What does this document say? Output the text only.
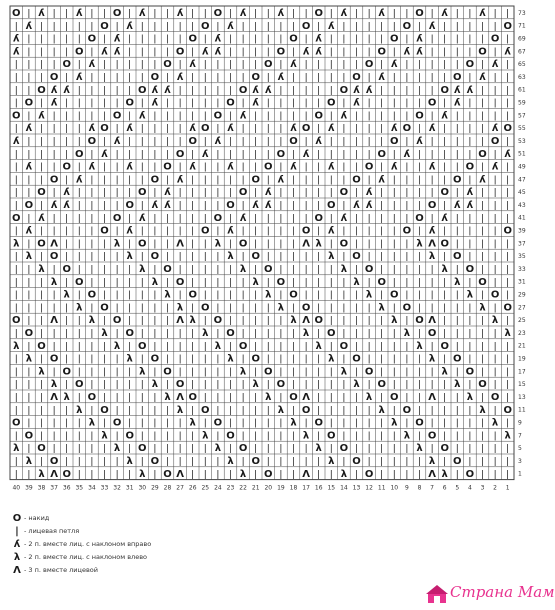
O | ʎ | | ʎ | | O | ʎ | | ʎ | | O | ʎ | | ʎ | | O | ʎ | | ʎ | | O | ʎ | | ʎ | |
| ʎ | | | | | O | ʎ | | | | | O | ʎ | | | | | O | ʎ | | | | | O | ʎ | | | | | O
ʎ | | | | | O | ʎ | | | | | O | ʎ | | | | | O | ʎ | | | | | O | ʎ | | | | | O |
ʎ | | | | O | ʎ ʎ | | | | O | ʎ ʎ | | | | O | ʎ ʎ | | | | O | ʎ ʎ | | | | O | ʎ
| | | | O | ʎ | | | | | O | ʎ | | | | | O | ʎ | | | | | O | ʎ | | | | | O | ʎ |
| | | O | ʎ | | | | | O | ʎ | | | | | O | ʎ | | | | | O | ʎ | | | | | O | ʎ | |
| | O ʎ ʎ | | | | | O ʎ ʎ | | | | | O ʎ ʎ | | | | | O ʎ ʎ | | | | | O ʎ ʎ | | |
| O | ʎ | | | | | O | ʎ | | | | | O | ʎ | | | | | O | ʎ | | | | | O | ʎ | | | |
O | ʎ | | | | | O | ʎ | | | | | O | ʎ | | | | | O | ʎ | | | | | O | ʎ | | | | |
| ʎ | | | | ʎ O | ʎ | | | | ʎ O | ʎ | | | | ʎ O | ʎ | | | | ʎ O | ʎ | | | | ʎ O
ʎ | | | | | O | ʎ | | | | | O | ʎ | | | | | O | ʎ | | | | | O | ʎ | | | | | O |
| | | | | O | ʎ | | | | | O | ʎ | | | | | O | ʎ | | | | | O | ʎ | | | | | O | ʎ
| ʎ | | O | ʎ | | ʎ | | O | ʎ | | ʎ | | O | ʎ | | ʎ | | O | ʎ | | ʎ | | O | ʎ |
| | | O | ʎ | | | | | O | ʎ | | | | | O | ʎ | | | | | O | ʎ | | | | | O | ʎ | |
| | O | ʎ | | | | | O | ʎ | | | | | O | ʎ | | | | | O | ʎ | | | | | O | ʎ | | |
| O | ʎ ʎ | | | | O | ʎ ʎ | | | | O | ʎ ʎ | | | | O | ʎ ʎ | | | | O | ʎ ʎ | | |
O | ʎ | | | | | O | ʎ | | | | | O | ʎ | | | | | O | ʎ | | | | | O | ʎ | | | | |
| ʎ | | | | | O | ʎ | | | | | O | ʎ | | | | | O | ʎ | | | | | O | ʎ | | | | | O
λ | O Λ | | | | λ | O | | Λ | | λ | O | | | | Λ λ | O | | | | | λ Λ O | | | | |
| λ | O | | | | | λ | O | | | | | λ | O | | | | | λ | O | | | | | λ | O | | | |
| | λ | O | | | | | λ | O | | | | | λ | O | | | | | λ | O | | | | | λ | O | | |
| | | λ | O | | | | | λ | O | | | | | λ | O | | | | | λ | O | | | | | λ | O | |
| | | | λ | O | | | | | λ | O | | | | | λ | O | | | | | λ | O | | | | | λ | O |
| | | | | λ | O | | | | | λ | O | | | | | λ | O | | | | | λ | O | | | | | λ | O
O | | Λ | | λ | O | | | | Λ λ | O | | | | | λ Λ O | | | | | λ | O Λ | | | | λ |
| O | | | | | λ | O | | | | | λ | O | | | | | λ | O | | | | | λ | O | | | | | λ
λ | O | | | | | λ | O | | | | | λ | O | | | | | λ | O | | | | | λ | O | | | | |
| λ | O | | | | | λ | O | | | | | λ | O | | | | | λ | O | | | | | λ | O | | | |
| | λ | O | | | | | λ | O | | | | | λ | O | | | | | λ | O | | | | | λ | O | | |
| | | λ | O | | | | | λ | O | | | | | λ | O | | | | | λ | O | | | | | λ | O | |
| | | Λ λ | O | | | | | λ Λ O | | | | | λ | O Λ | | | | λ | O | | Λ | | λ | O |
| | | | | λ | O | | | | | λ | O | | | | | λ | O | | | | | λ | O | | | | | λ | O
O | | | | | λ | O | | | | | λ | O | | | | | λ | O | | | | | λ | O | | | | | λ |
| O | | | | | λ | O | | | | | λ | O | | | | | λ | O | | | | | λ | O | | | | | λ
λ | O | | | | | λ | O | | | | | λ | O | | | | | λ | O | | | | | λ | O | | | | |
| λ | O | | | | | λ | O | | | | | λ | O | | | | | λ | O | | | | | λ | O | | | |
| | λ Λ O | | | | | λ | O Λ | | | | λ | O | | Λ | | λ | O | | | | Λ λ | O | | |
73
71
69
67
65
63
61
59
57
55
53
51
49
47
45
43
41
39
37
35
33
31
29
27
25
23
21
19
17
15
13
11
9
7
5
3
1
40 39 38 37 36 35 34 33 32 31 30 29 28 27 26 25 24 23 22 21 20 19 18 17 16 15 14 13 12 11 10 9 8 7 6 5 4 3 2 1
O - накид
| - лицевая петля
ʎ - 2 п. вместе лиц. с наклоном вправо
λ - 2 п. вместе лиц. с наклоном влево
Λ - 3 п. вместе лицевой
Страна Мам
